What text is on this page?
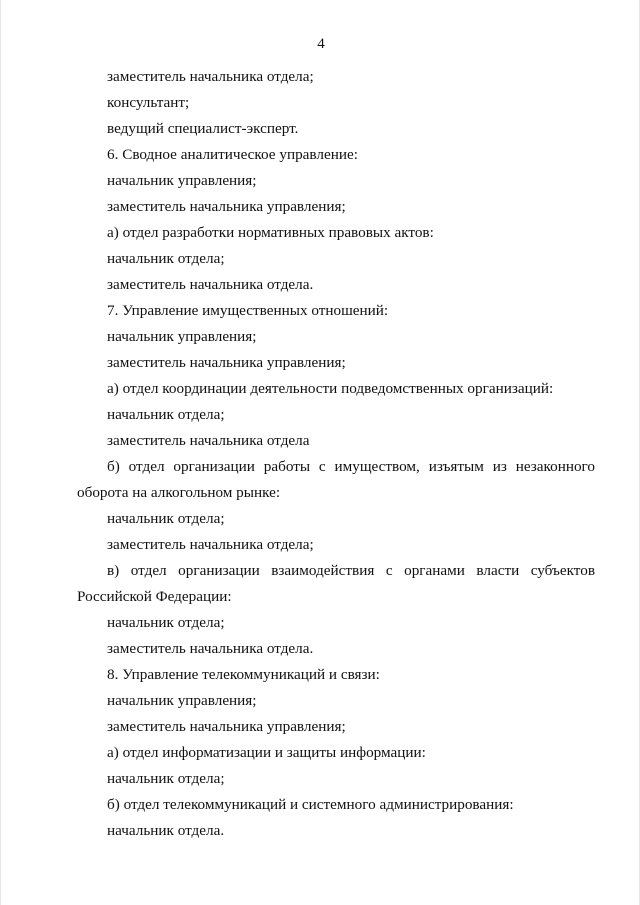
4
заместитель начальника отдела;
консультант;
ведущий специалист-эксперт.
6. Сводное аналитическое управление:
начальник управления;
заместитель начальника управления;
а) отдел разработки нормативных правовых актов:
начальник отдела;
заместитель начальника отдела.
7. Управление имущественных отношений:
начальник управления;
заместитель начальника управления;
а) отдел координации деятельности подведомственных организаций:
начальник отдела;
заместитель начальника отдела
б) отдел организации работы с имуществом, изъятым из незаконного
оборота на алкогольном рынке:
начальник отдела;
заместитель начальника отдела;
в) отдел организации взаимодействия с органами власти субъектов
Российской Федерации:
начальник отдела;
заместитель начальника отдела.
8. Управление телекоммуникаций и связи:
начальник управления;
заместитель начальника управления;
а) отдел информатизации и защиты информации:
начальник отдела;
б) отдел телекоммуникаций и системного администрирования:
начальник отдела.
